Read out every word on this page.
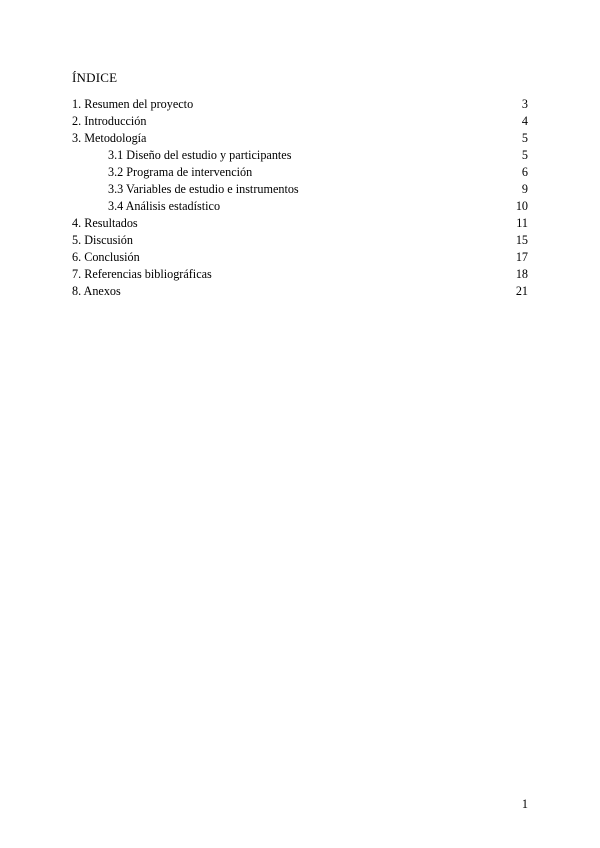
ÍNDICE
1. Resumen del proyecto	3
2. Introducción	4
3. Metodología	5
3.1 Diseño del estudio y participantes	5
3.2 Programa de intervención	6
3.3 Variables de estudio e instrumentos	9
3.4 Análisis estadístico	10
4. Resultados	11
5. Discusión	15
6. Conclusión	17
7. Referencias bibliográficas	18
8. Anexos	21
1
